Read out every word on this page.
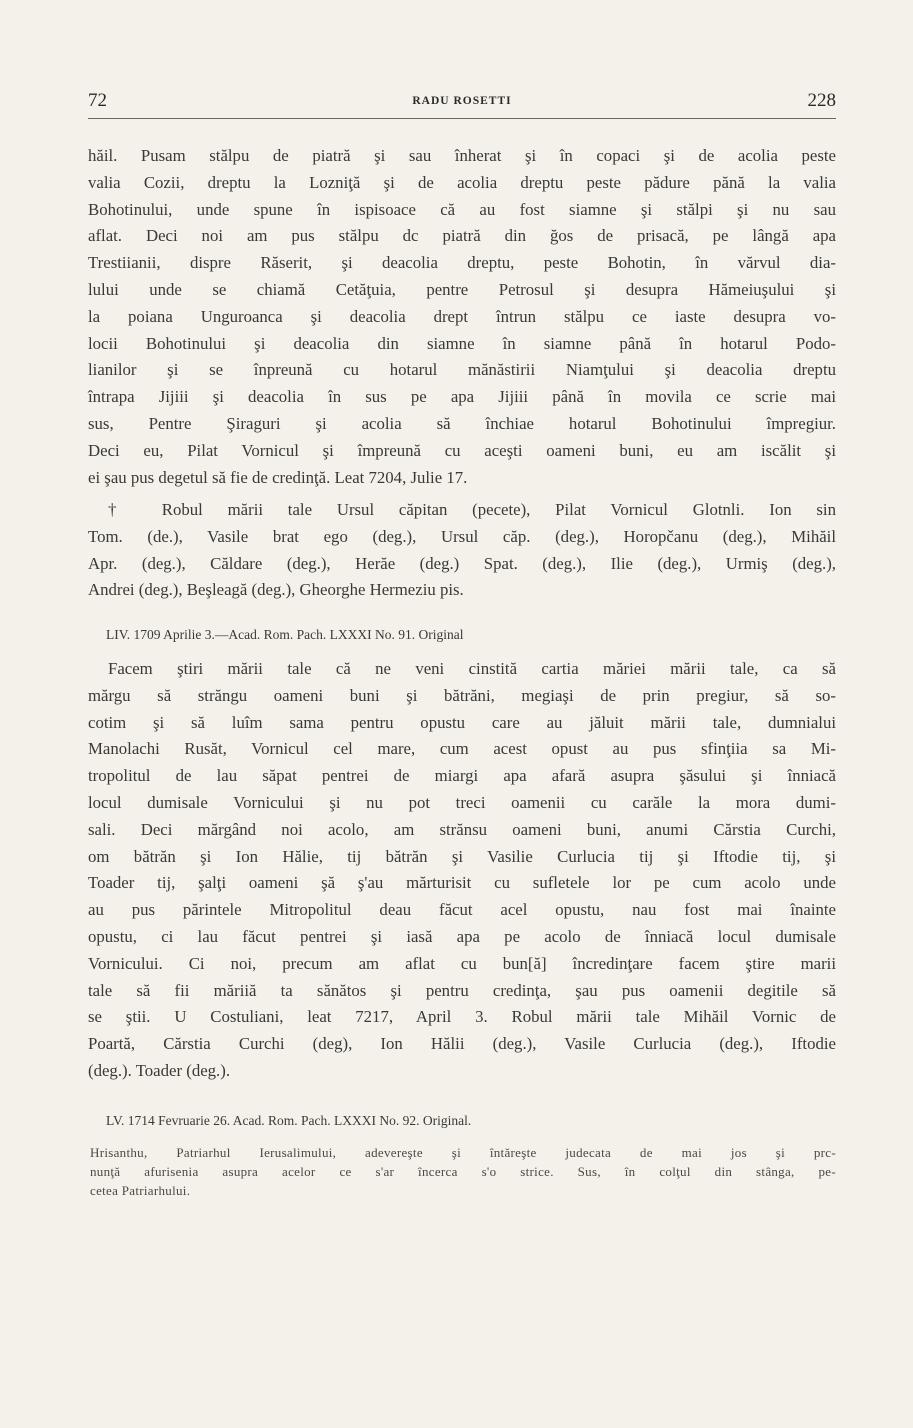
72	RADU ROSETTI	228
hăil. Pusam stălpu de piatră şi sau înherat şi în copaci şi de acolia peste
valia Cozii, dreptu la Lozniţă şi de acolia dreptu peste pădure pănă la valia
Bohotinului, unde spune în ispisoace că au fost siamne şi stălpi şi nu sau
aflat. Deci noi am pus stălpu dc piatră din ğos de prisacă, pe lângă apa
Trestiianii, dispre Răserit, şi deacolia dreptu, peste Bohotin, în vărvul dia-
lului unde se chiamă Cetăţuia, pentre Petrosul şi desupra Hămeiuşului şi
la poiana Unguroanca şi deacolia drept întrun stălpu ce iaste desupra vo-
locii Bohotinului şi deacolia din siamne în siamne până în hotarul Podo-
lianilor şi se înpreună cu hotarul mănăstirii Niamţului şi deacolia dreptu
întrapa Jijiii şi deacolia în sus pe apa Jijiii până în movila ce scrie mai
sus, Pentre Şiraguri şi acolia să închiae hotarul Bohotinului împregiur.
Deci eu, Pilat Vornicul şi împreună cu aceşti oameni buni, eu am iscălit şi
ei şau pus degetul să fie de credinţă. Leat 7204, Julie 17.
† Robul mării tale Ursul căpitan (pecete), Pilat Vornicul Glotnli. Ion sin
Tom. (de.), Vasile brat ego (deg.), Ursul căp. (deg.), Horopčanu (deg.), Mihăil
Apr. (deg.), Căldare (deg.), Herăe (deg.) Spat. (deg.), Ilie (deg.), Urmiş (deg.),
Andrei (deg.), Beşleagă (deg.), Gheorghe Hermeziu pis.
LIV. 1709 Aprilie 3.—Acad. Rom. Pach. LXXXI No. 91. Original
Facem ştiri mării tale că ne veni cinstită cartia măriei mării tale, ca să
mărgu să străngu oameni buni şi bătrăni, megiaşi de prin pregiur, să so-
cotim şi să luîm sama pentru opustu care au jăluit mării tale, dumnialui
Manolachi Rusăt, Vornicul cel mare, cum acest opust au pus sfinţiia sa Mi-
tropolitul de lau săpat pentrei de miargi apa afară asupra şăsului şi înniacă
locul dumisale Vornicului şi nu pot treci oamenii cu carăle la mora dumi-
sali. Deci mărgând noi acolo, am strănsu oameni buni, anumi Cărstia Curchi,
om bătrăn şi Ion Hălie, tij bătrăn şi Vasilie Curlucia tij şi Iftodie tij, şi
Toader tij, şalţi oameni şă ş'au mărturisit cu sufletele lor pe cum acolo unde
au pus părintele Mitropolitul deau făcut acel opustu, nau fost mai înainte
opustu, ci lau făcut pentrei şi iasă apa pe acolo de înniacă locul dumisale
Vornicului. Ci noi, precum am aflat cu bun[ă] încredinţare facem ştire marii
tale să fii măriiă ta sănătos şi pentru credinţa, şau pus oamenii degitile să
se ştii. U Costuliani, leat 7217, April 3. Robul mării tale Mihăil Vornic de
Poartă, Cărstia Curchi (deg), Ion Hălii (deg.), Vasile Curlucia (deg.), Iftodie
(deg.). Toader (deg.).
LV. 1714 Fevruarie 26. Acad. Rom. Pach. LXXXI No. 92. Original.
Hrisanthu, Patriarhul Ierusalimului, adevereşte şi întăreşte judecata de mai jos şi prc-
nunţă afurisenia asupra acelor ce s'ar încerca s'o strice. Sus, în colţul din stânga, pe-
cetea Patriarhului.
